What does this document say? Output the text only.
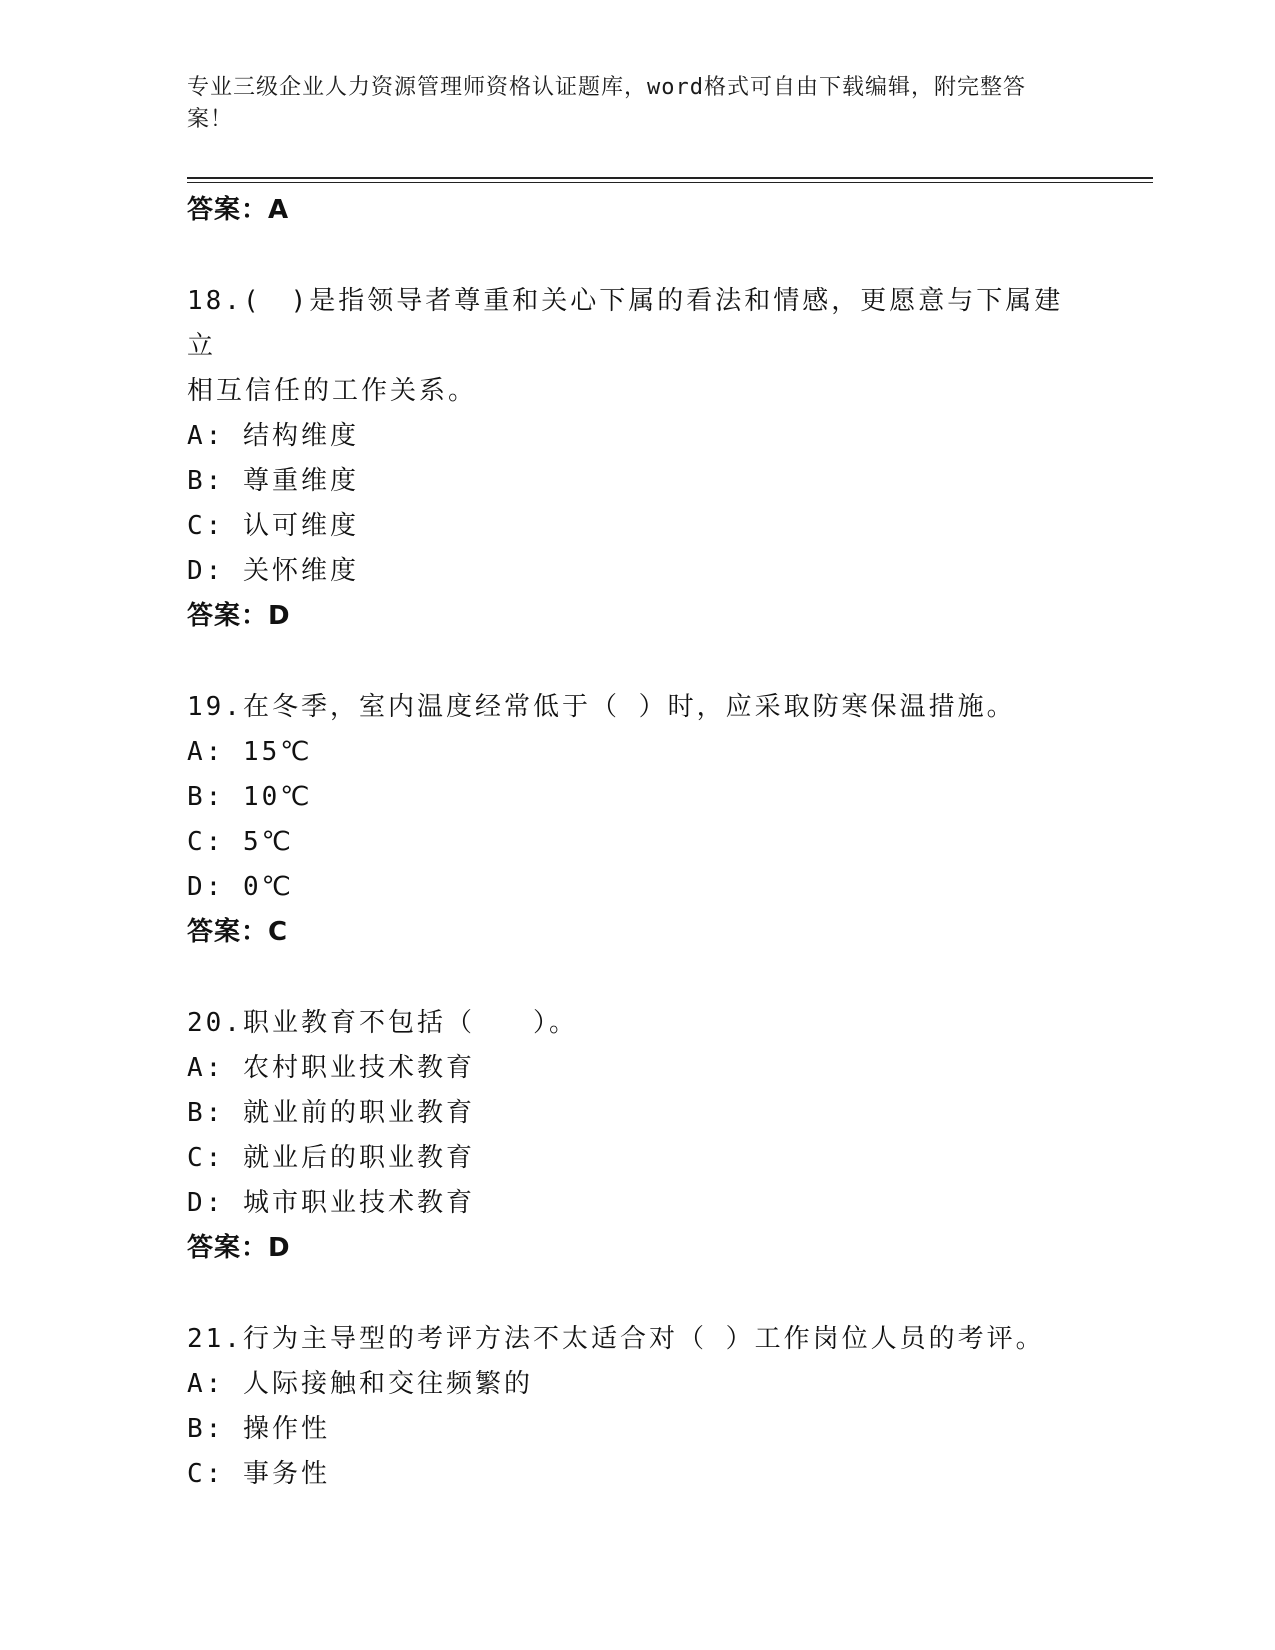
专业三级企业人力资源管理师资格认证题库，word格式可自由下载编辑，附完整答案！
答案：A
18.(　)是指领导者尊重和关心下属的看法和情感，更愿意与下属建立
相互信任的工作关系。
A: 结构维度
B: 尊重维度
C: 认可维度
D: 关怀维度
答案：D
19.在冬季，室内温度经常低于（ ）时，应采取防寒保温措施。
A: 15℃
B: 10℃
C: 5℃
D: 0℃
答案：C
20.职业教育不包括（　　）。
A: 农村职业技术教育
B: 就业前的职业教育
C: 就业后的职业教育
D: 城市职业技术教育
答案：D
21.行为主导型的考评方法不太适合对（ ）工作岗位人员的考评。
A: 人际接触和交往频繁的
B: 操作性
C: 事务性
